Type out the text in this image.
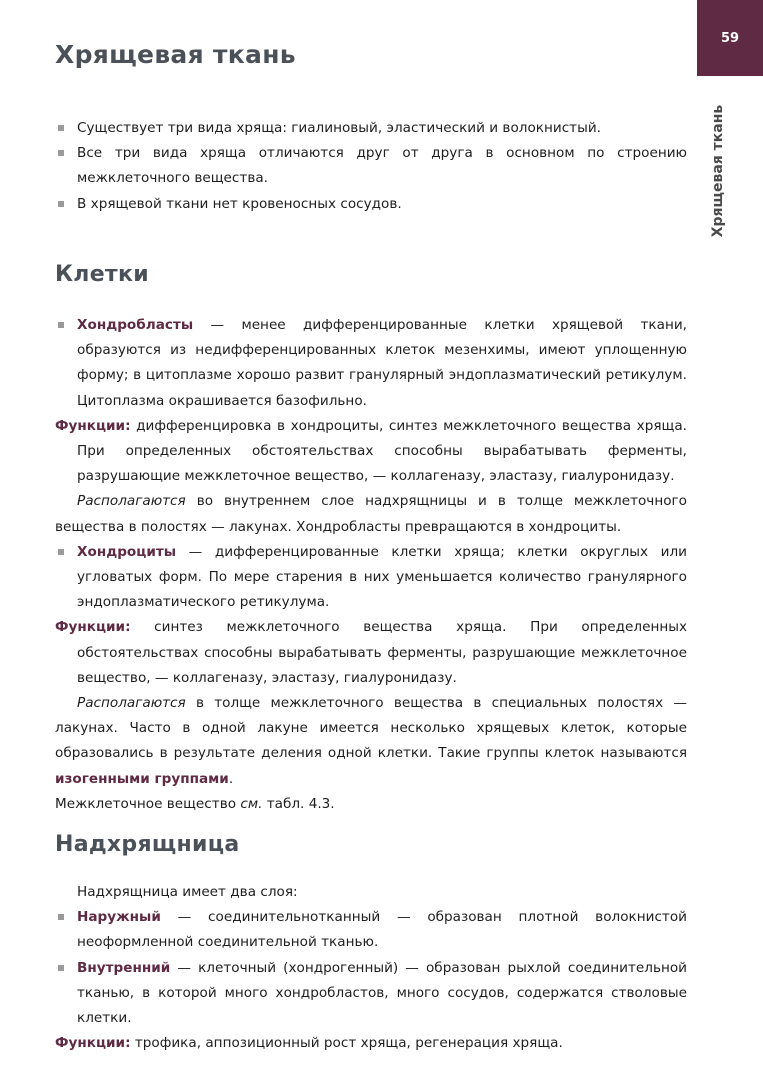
59
Хрящевая ткань
Хрящевая ткань

Существует три вида хряща: гиалиновый, эластический и волокнистый.

Все три вида хряща отличаются друг от друга в основном по строению межклеточного вещества.

В хрящевой ткани нет кровеносных сосудов.

Клетки

Хондробласты — менее дифференцированные клетки хрящевой ткани, образуются из недифференцированных клеток мезенхимы, имеют уплощенную форму; в цитоплазме хорошо развит гранулярный эндоплазматический ретикулум. Цитоплазма окрашивается базофильно.

Функции: дифференцировка в хондроциты, синтез межклеточного вещества хряща. При определенных обстоятельствах способны вырабатывать ферменты, разрушающие межклеточное вещество, — коллагеназу, эластазу, гиалуронидазу.

Располагаются во внутреннем слое надхрящницы и в толще межклеточного вещества в полостях — лакунах. Хондробласты превращаются в хондроциты.

Хондроциты — дифференцированные клетки хряща; клетки округлых или угловатых форм. По мере старения в них уменьшается количество гранулярного эндоплазматического ретикулума.

Функции: синтез межклеточного вещества хряща. При определенных обстоятельствах способны вырабатывать ферменты, разрушающие межклеточное вещество, — коллагеназу, эластазу, гиалуронидазу.

Располагаются в толще межклеточного вещества в специальных полостях — лакунах. Часто в одной лакуне имеется несколько хрящевых клеток, которые образовались в результате деления одной клетки. Такие группы клеток называются изогенными группами.

Межклеточное вещество см. табл. 4.3.

Надхрящница

Надхрящница имеет два слоя:

Наружный — соединительнотканный — образован плотной волокнистой неоформленной соединительной тканью.

Внутренний — клеточный (хондрогенный) — образован рыхлой соединительной тканью, в которой много хондробластов, много сосудов, содержатся стволовые клетки.

Функции: трофика, аппозиционный рост хряща, регенерация хряща.
